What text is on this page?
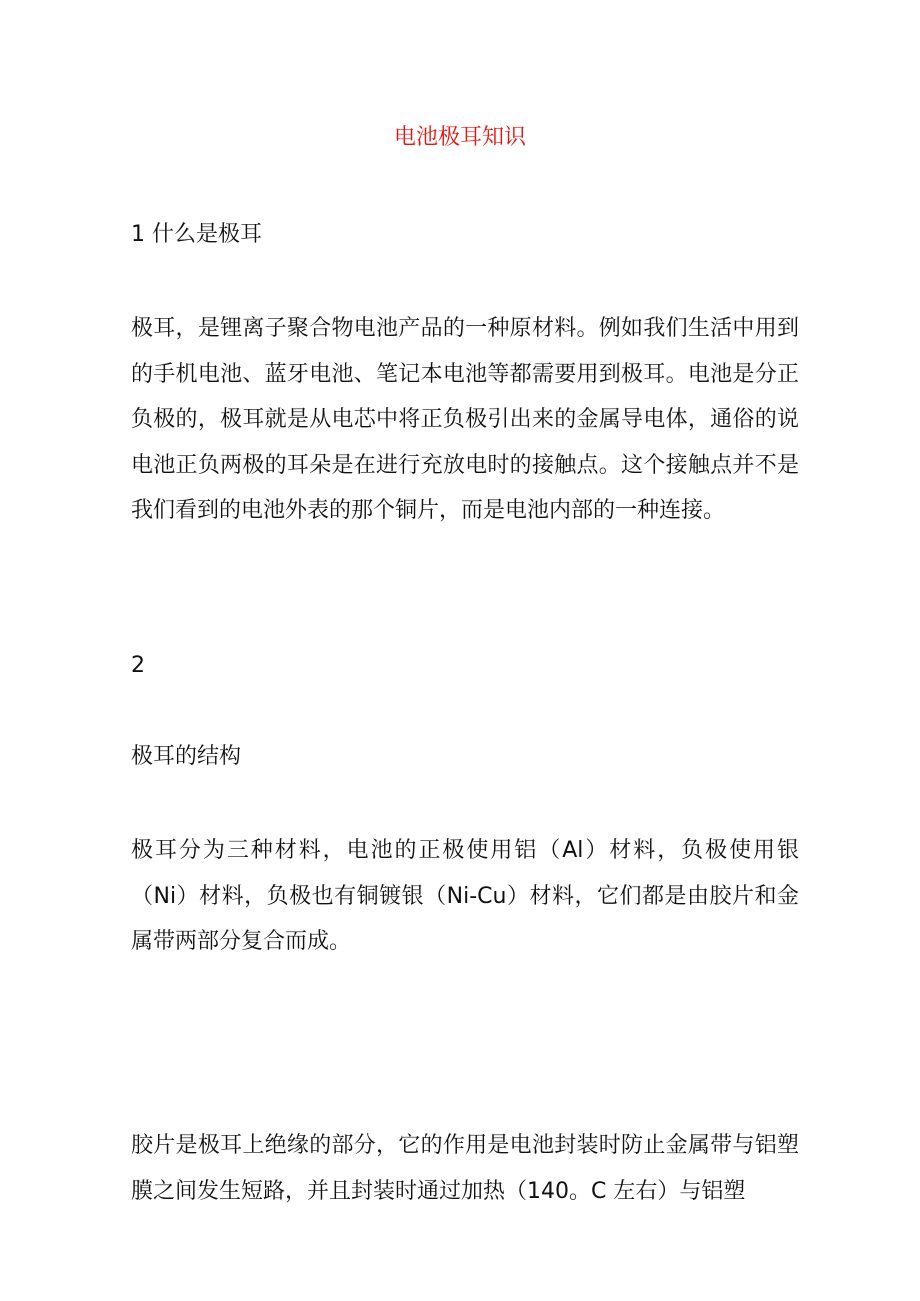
电池极耳知识
1 什么是极耳

极耳，是锂离子聚合物电池产品的一种原材料。例如我们生活中用到的手机电池、蓝牙电池、笔记本电池等都需要用到极耳。电池是分正负极的，极耳就是从电芯中将正负极引出来的金属导电体，通俗的说电池正负两极的耳朵是在进行充放电时的接触点。这个接触点并不是我们看到的电池外表的那个铜片，而是电池内部的一种连接。

2
极耳的结构

极耳分为三种材料，电池的正极使用铝（Al）材料，负极使用银（Ni）材料，负极也有铜镀银（Ni-Cu）材料，它们都是由胶片和金属带两部分复合而成。

胶片是极耳上绝缘的部分，它的作用是电池封装时防止金属带与铝塑膜之间发生短路，并且封装时通过加热（140。C 左右）与铝塑
